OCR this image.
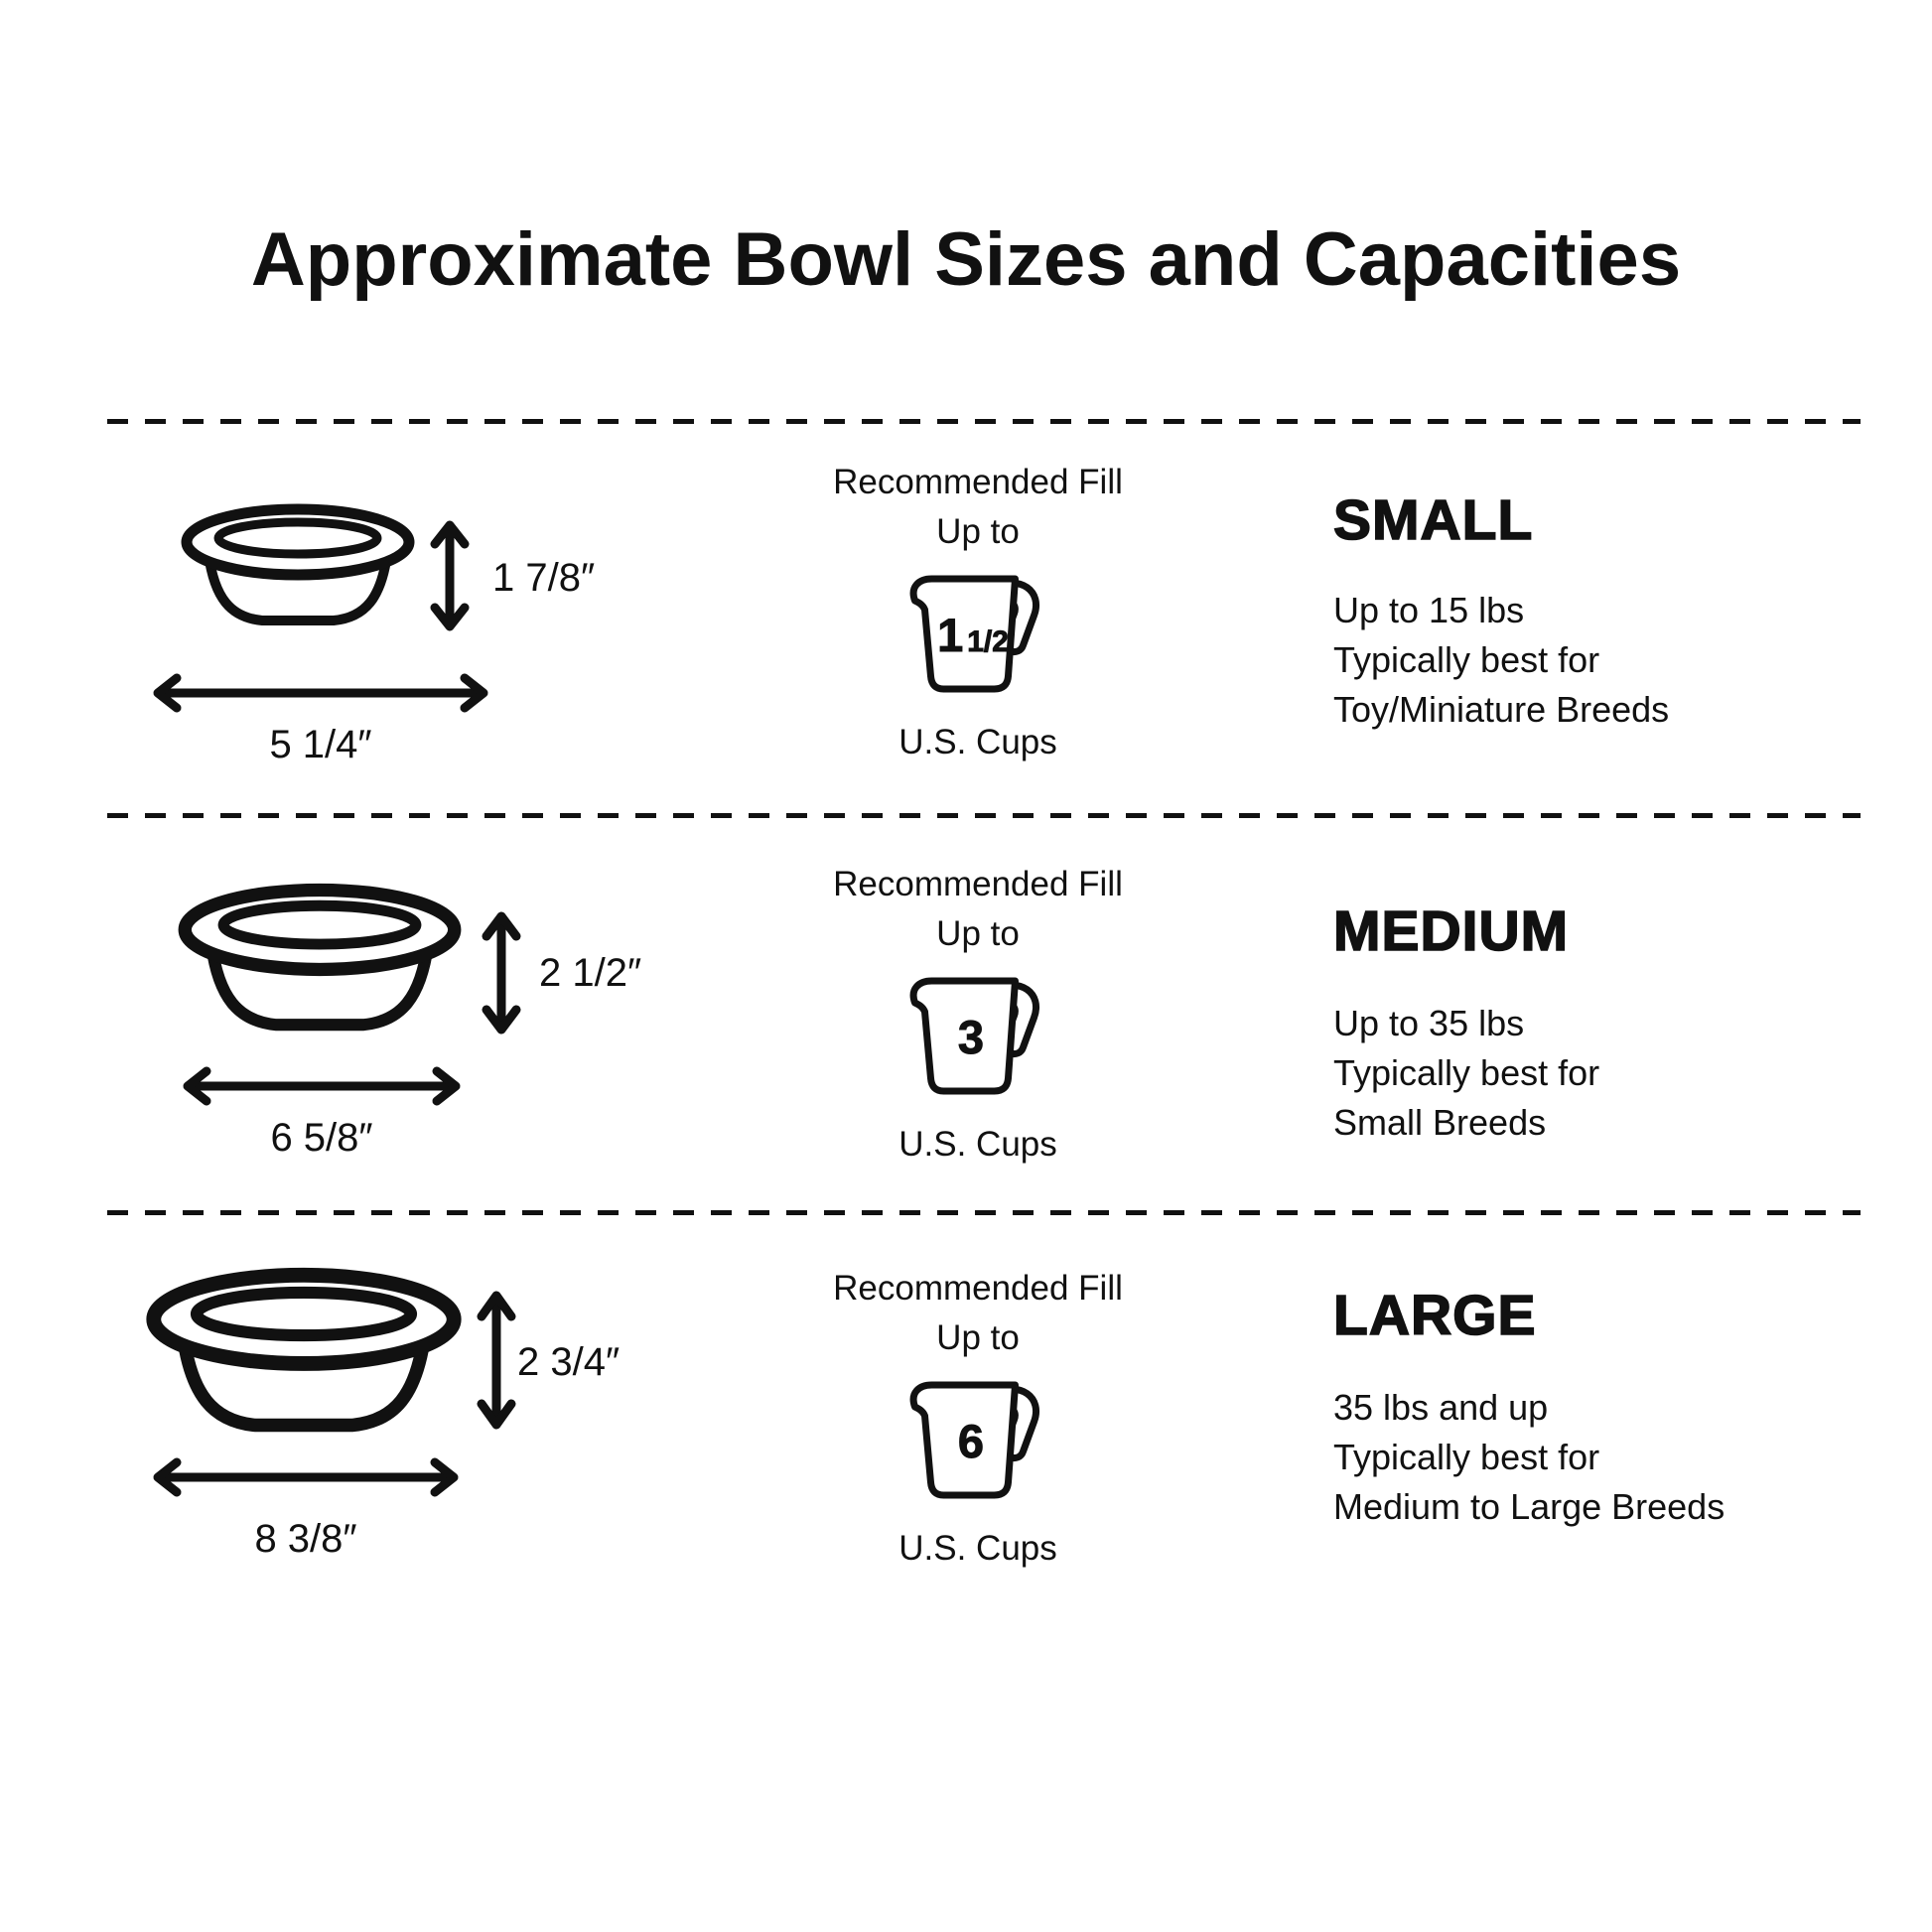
Approximate Bowl Sizes and Capacities
1 7/8″
5 1/4″
Recommended Fill
Up to
1 1/2
U.S. Cups
SMALL
Up to 15 lbs
Typically best for
Toy/Miniature Breeds
2 1/2″
6 5/8″
Recommended Fill
Up to
3
U.S. Cups
MEDIUM
Up to 35 lbs
Typically best for
Small Breeds
2 3/4″
8 3/8″
Recommended Fill
Up to
6
U.S. Cups
LARGE
35 lbs and up
Typically best for
Medium to Large Breeds
